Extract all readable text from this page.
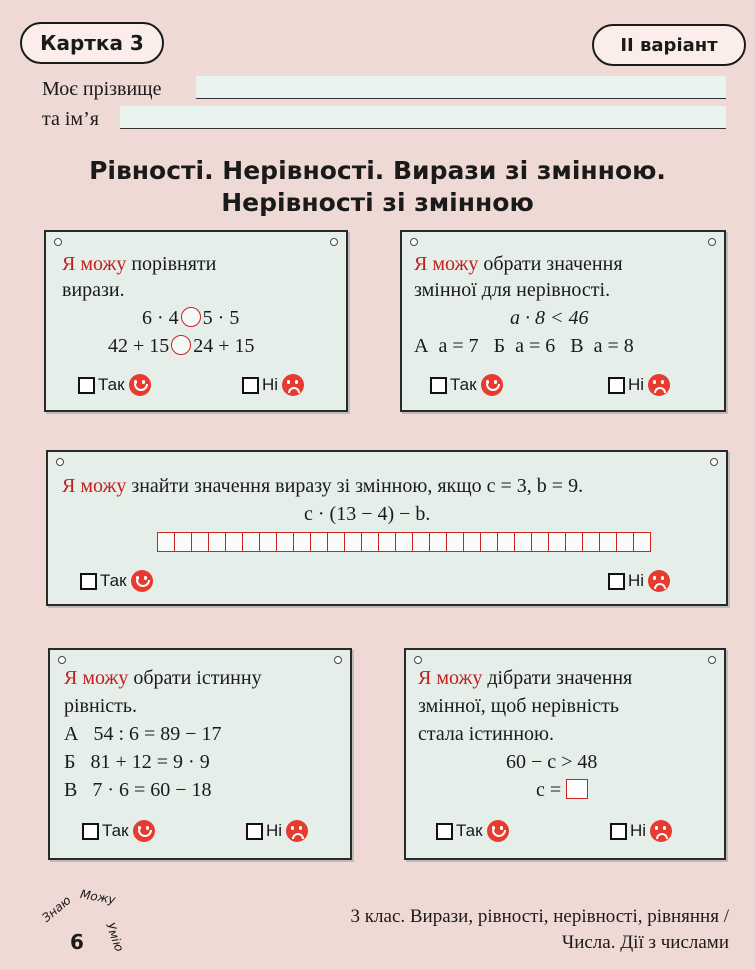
Картка 3	ІІ варіант
Моє прізвище
та ім’я
Рівності. Нерівності. Вирази зі змінною.
Нерівності зі змінною
Я можу порівняти
вирази.
6 · 4 5 · 5
42 + 15 24 + 15
Так	Ні
Я можу обрати значення
змінної для нерівності.
a · 8 < 46
А  a = 7   Б  a = 6   В  a = 8
Так	Ні
Я можу знайти значення виразу зі змінною, якщо c = 3, b = 9.
c · (13 − 4) − b.
Так	Ні
Я можу обрати істинну
рівність.
А   54 : 6 = 89 − 17
Б   81 + 12 = 9 · 9
В   7 · 6 = 60 − 18
Так	Ні
Я можу дібрати значення
змінної, щоб нерівність
стала істинною.
60 − c > 48
c =
Так	Ні
Знаю Можу
Умію
6
3 клас. Вирази, рівності, нерівності, рівняння /
Числа. Дії з числами
